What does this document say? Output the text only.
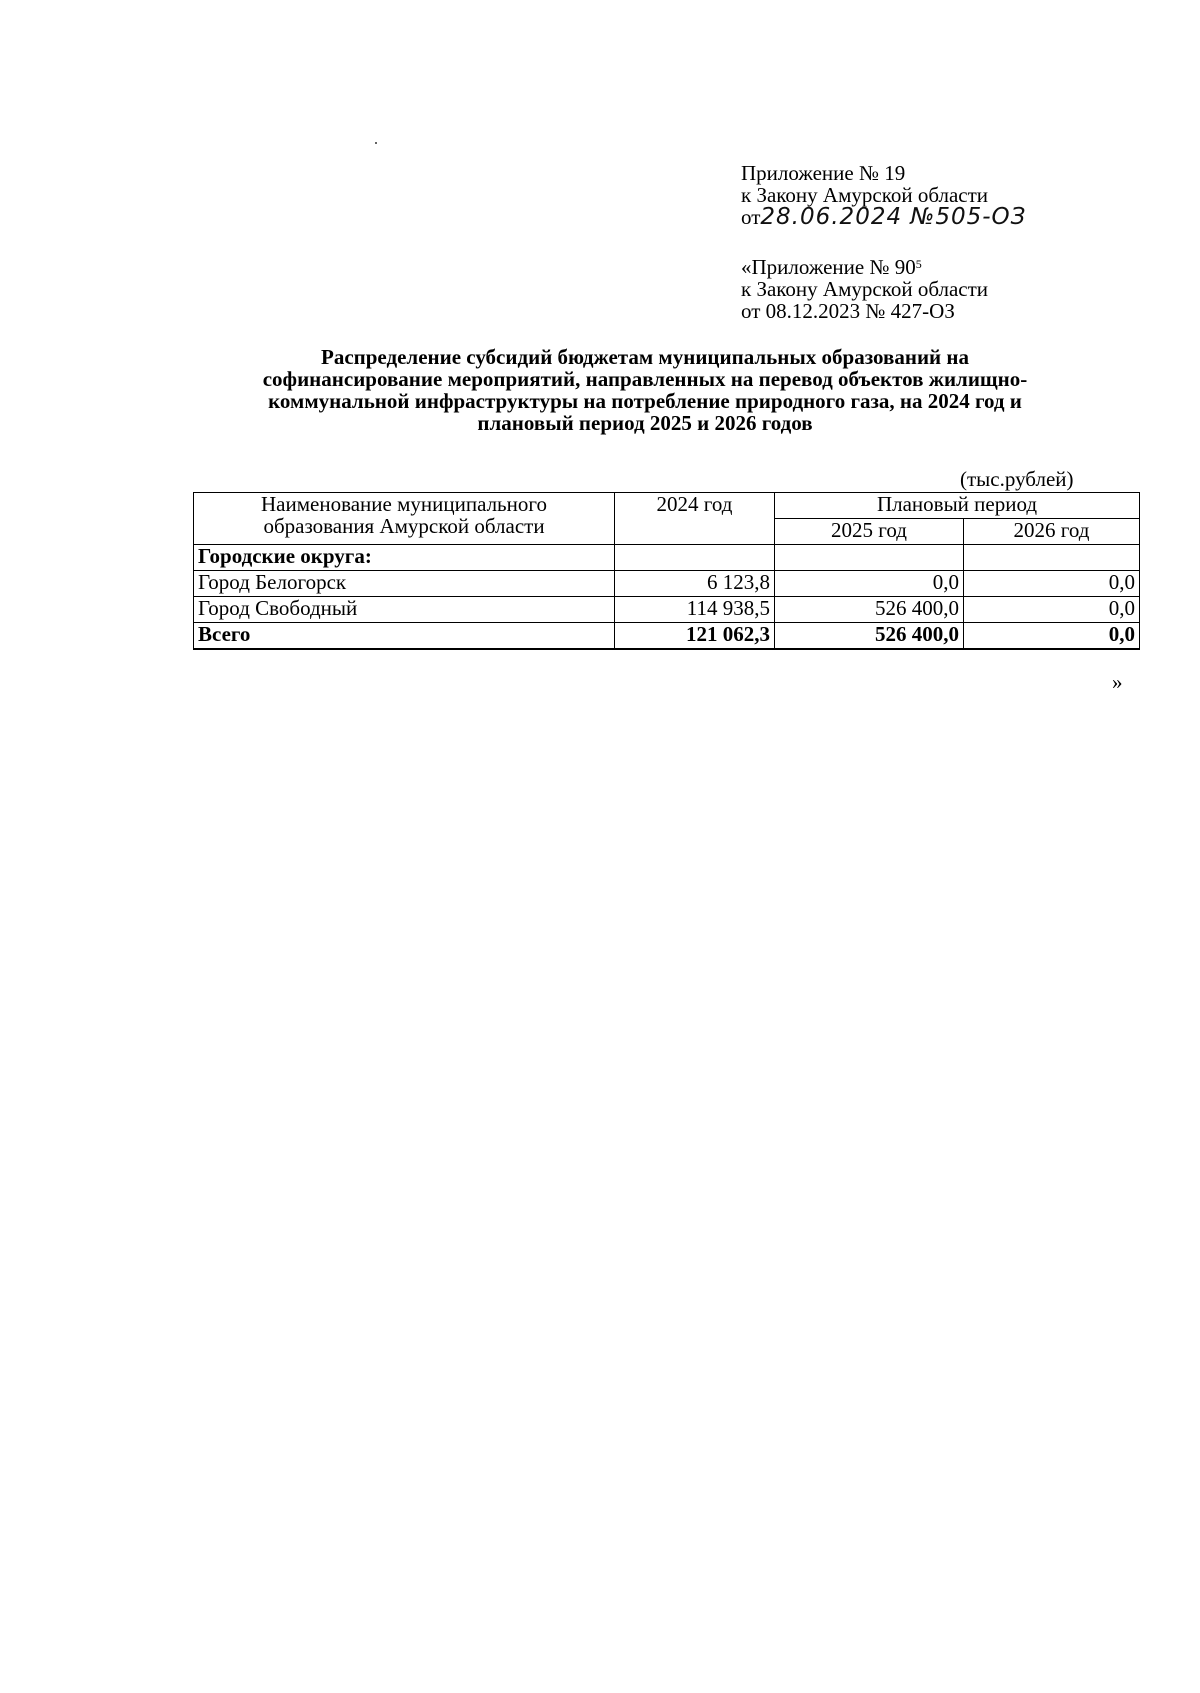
Приложение № 19
к Закону Амурской области
от28.06.2024 №505-ОЗ
«Приложение № $90^5$
к Закону Амурской области
от 08.12.2023 № 427-ОЗ
Распределение субсидий бюджетам муниципальных образований на
софинансирование мероприятий, направленных на перевод объектов жилищно-
коммунальной инфраструктуры на потребление природного газа, на 2024 год и
плановый период 2025 и 2026 годов
(тыс.рублей)
Наименование муниципального
образования Амурской области	2024 год	Плановый период	
		2025 год	2026 год
Городские округа:			
Город Белогорск	6 123,8	0,0	0,0
Город Свободный	114 938,5	526 400,0	0,0
Всего	121 062,3	526 400,0	0,0
»
